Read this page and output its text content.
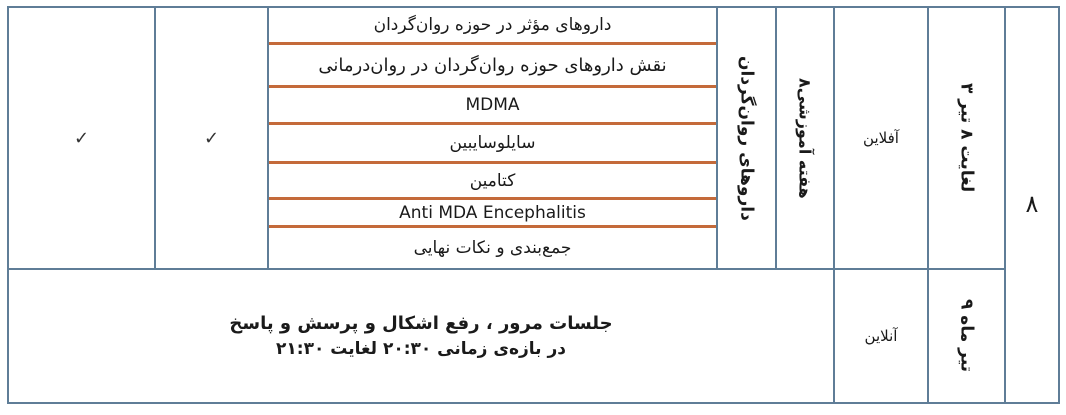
۸
۳ لغایت ۸ تیر
آفلاین
هفته آموزشی۸
داروهای روان‌گردان
داروهای مؤثر در حوزه روان‌گردان
نقش داروهای حوزه روان‌گردان در روان‌درمانی
MDMA
سایلوسایبین
کتامین
Anti MDA Encephalitis
جمع‌بندی و نکات نهایی
✓
✓
۹ تیر ماه
آنلاین
جلسات مرور ، رفع اشکال و پرسش و پاسخ
در بازه‌ی زمانی ۲۰:۳۰ لغایت ۲۱:۳۰
